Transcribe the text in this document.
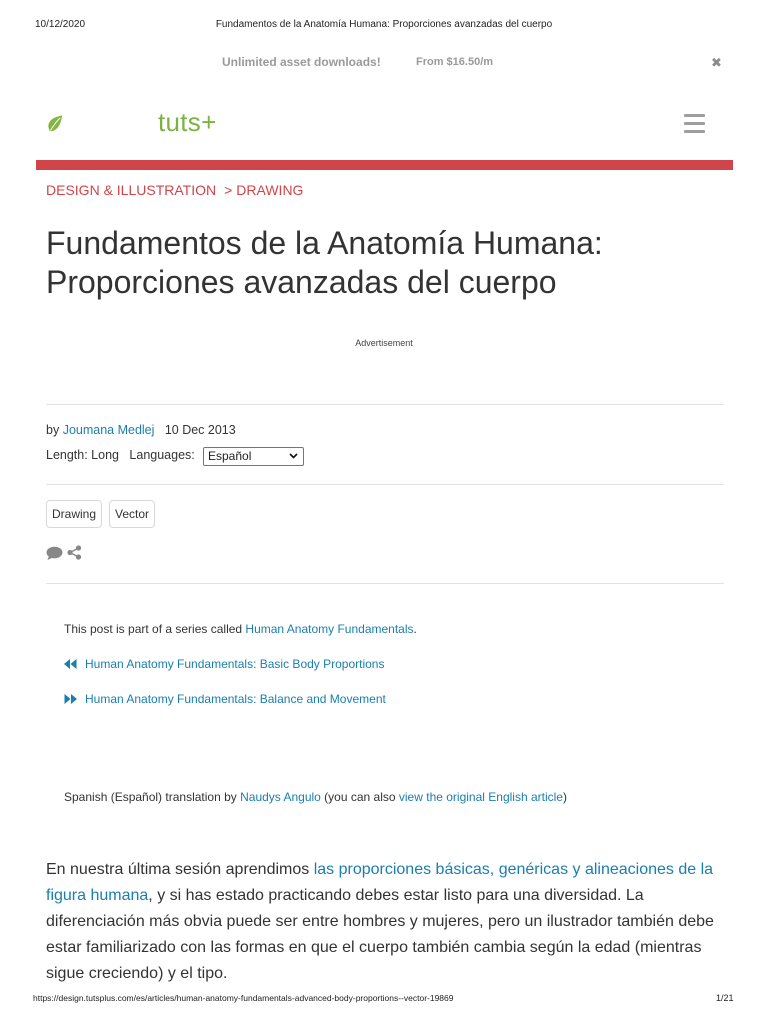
10/12/2020	Fundamentos de la Anatomía Humana: Proporciones avanzadas del cuerpo
Unlimited asset downloads!	From $16.50/m	✖
tuts+
DESIGN & ILLUSTRATION > DRAWING
Fundamentos de la Anatomía Humana: Proporciones avanzadas del cuerpo
Advertisement
by Joumana Medlej 10 Dec 2013
Length: Long Languages:	Español
Drawing	Vector
This post is part of a series called Human Anatomy Fundamentals.
Human Anatomy Fundamentals: Basic Body Proportions
Human Anatomy Fundamentals: Balance and Movement
Spanish (Español) translation by Naudys Angulo (you can also view the original English article)

En nuestra última sesión aprendimos las proporciones básicas, genéricas y alineaciones de la figura humana, y si has estado practicando debes estar listo para una diversidad. La diferenciación más obvia puede ser entre hombres y mujeres, pero un ilustrador también debe estar familiarizado con las formas en que el cuerpo también cambia según la edad (mientras sigue creciendo) y el tipo.

https://design.tutsplus.com/es/articles/human-anatomy-fundamentals-advanced-body-proportions--vector-19869	1/21
